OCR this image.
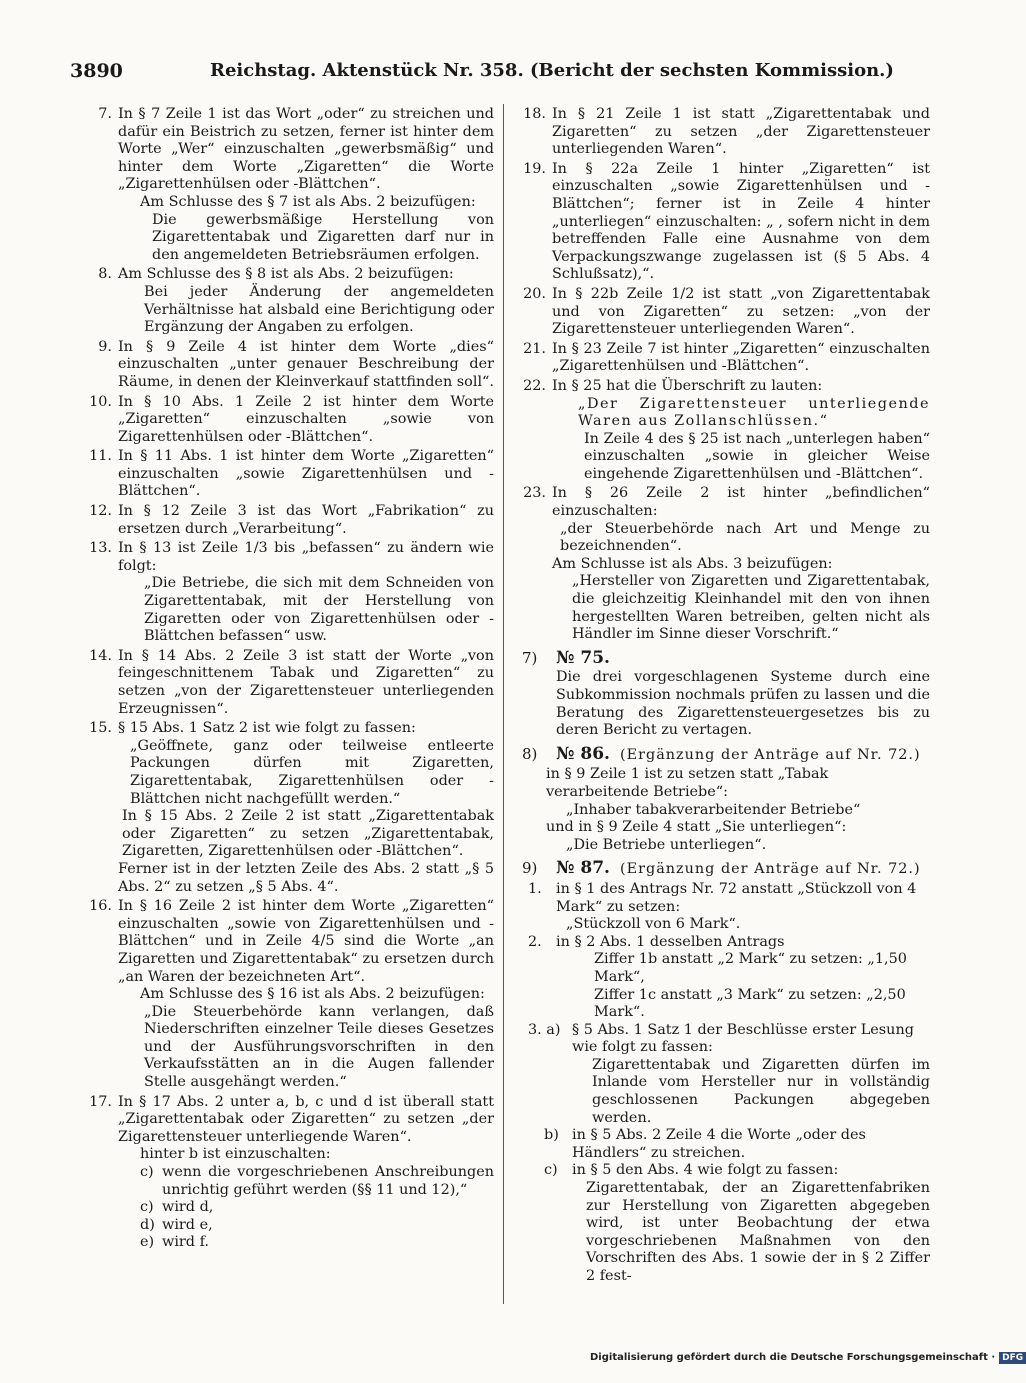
3890	Reichstag. Aktenstück Nr. 358. (Bericht der sechsten Kommission.)
7. In § 7 Zeile 1 ist das Wort „oder“ zu streichen und dafür ein Beistrich zu setzen, ferner ist hinter dem Worte „Wer“ einzuschalten „gewerbsmäßig“ und hinter dem Worte „Zigaretten“ die Worte „Zigarettenhülsen oder -Blättchen“.
Am Schlusse des § 7 ist als Abs. 2 beizufügen:
Die gewerbsmäßige Herstellung von Zigarettentabak und Zigaretten darf nur in den angemeldeten Betriebsräumen erfolgen.
8. Am Schlusse des § 8 ist als Abs. 2 beizufügen:
Bei jeder Änderung der angemeldeten Verhältnisse hat alsbald eine Berichtigung oder Ergänzung der Angaben zu erfolgen.
9. In § 9 Zeile 4 ist hinter dem Worte „dies“ einzuschalten „unter genauer Beschreibung der Räume, in denen der Kleinverkauf stattfinden soll“.
10. In § 10 Abs. 1 Zeile 2 ist hinter dem Worte „Zigaretten“ einzuschalten „sowie von Zigarettenhülsen oder -Blättchen“.
11. In § 11 Abs. 1 ist hinter dem Worte „Zigaretten“ einzuschalten „sowie Zigarettenhülsen und -Blättchen“.
12. In § 12 Zeile 3 ist das Wort „Fabrikation“ zu ersetzen durch „Verarbeitung“.
13. In § 13 ist Zeile 1/3 bis „befassen“ zu ändern wie folgt:
„Die Betriebe, die sich mit dem Schneiden von Zigarettentabak, mit der Herstellung von Zigaretten oder von Zigarettenhülsen oder -Blättchen befassen“ usw.
14. In § 14 Abs. 2 Zeile 3 ist statt der Worte „von feingeschnittenem Tabak und Zigaretten“ zu setzen „von der Zigarettensteuer unterliegenden Erzeugnissen“.
15. § 15 Abs. 1 Satz 2 ist wie folgt zu fassen:
„Geöffnete, ganz oder teilweise entleerte Packungen dürfen mit Zigaretten, Zigarettentabak, Zigarettenhülsen oder -Blättchen nicht nachgefüllt werden.“
In § 15 Abs. 2 Zeile 2 ist statt „Zigarettentabak oder Zigaretten“ zu setzen „Zigarettentabak, Zigaretten, Zigarettenhülsen oder -Blättchen“.
Ferner ist in der letzten Zeile des Abs. 2 statt „§ 5 Abs. 2“ zu setzen „§ 5 Abs. 4“.
16. In § 16 Zeile 2 ist hinter dem Worte „Zigaretten“ einzuschalten „sowie von Zigarettenhülsen und -Blättchen“ und in Zeile 4/5 sind die Worte „an Zigaretten und Zigarettentabak“ zu ersetzen durch „an Waren der bezeichneten Art“.
Am Schlusse des § 16 ist als Abs. 2 beizufügen:
„Die Steuerbehörde kann verlangen, daß Niederschriften einzelner Teile dieses Gesetzes und der Ausführungsvorschriften in den Verkaufsstätten an in die Augen fallender Stelle ausgehängt werden.“
17. In § 17 Abs. 2 unter a, b, c und d ist überall statt „Zigarettentabak oder Zigaretten“ zu setzen „der Zigarettensteuer unterliegende Waren“.
hinter b ist einzuschalten:
c) wenn die vorgeschriebenen Anschreibungen unrichtig geführt werden (§§ 11 und 12),“
c) wird d,
d) wird e,
e) wird f.
18. In § 21 Zeile 1 ist statt „Zigarettentabak und Zigaretten“ zu setzen „der Zigarettensteuer unterliegenden Waren“.
19. In § 22a Zeile 1 hinter „Zigaretten“ ist einzuschalten „sowie Zigarettenhülsen und -Blättchen“; ferner ist in Zeile 4 hinter „unterliegen“ einzuschalten: „ , sofern nicht in dem betreffenden Falle eine Ausnahme von dem Verpackungszwange zugelassen ist (§ 5 Abs. 4 Schlußsatz),“.
20. In § 22b Zeile 1/2 ist statt „von Zigarettentabak und von Zigaretten“ zu setzen: „von der Zigarettensteuer unterliegenden Waren“.
21. In § 23 Zeile 7 ist hinter „Zigaretten“ einzuschalten „Zigarettenhülsen und -Blättchen“.
22. In § 25 hat die Überschrift zu lauten:
„Der Zigarettensteuer unterliegende Waren aus Zollanschlüssen.“
In Zeile 4 des § 25 ist nach „unterlegen haben“ einzuschalten „sowie in gleicher Weise eingehende Zigarettenhülsen und -Blättchen“.
23. In § 26 Zeile 2 ist hinter „befindlichen“ einzuschalten:
„der Steuerbehörde nach Art und Menge zu bezeichnenden“.
Am Schlusse ist als Abs. 3 beizufügen:
„Hersteller von Zigaretten und Zigarettentabak, die gleichzeitig Kleinhandel mit den von ihnen hergestellten Waren betreiben, gelten nicht als Händler im Sinne dieser Vorschrift.“
7)	№ 75.
Die drei vorgeschlagenen Systeme durch eine Subkommission nochmals prüfen zu lassen und die Beratung des Zigarettensteuergesetzes bis zu deren Bericht zu vertagen.
8)	№ 86. (Ergänzung der Anträge auf Nr. 72.)
in § 9 Zeile 1 ist zu setzen statt „Tabak verarbeitende Betriebe“:
„Inhaber tabakverarbeitender Betriebe“
und in § 9 Zeile 4 statt „Sie unterliegen“:
„Die Betriebe unterliegen“.
9)	№ 87. (Ergänzung der Anträge auf Nr. 72.)
1. in § 1 des Antrags Nr. 72 anstatt „Stückzoll von 4 Mark“ zu setzen:
„Stückzoll von 6 Mark“.
2. in § 2 Abs. 1 desselben Antrags
Ziffer 1b anstatt „2 Mark“ zu setzen: „1,50 Mark“,
Ziffer 1c anstatt „3 Mark“ zu setzen: „2,50 Mark“.
3. a) § 5 Abs. 1 Satz 1 der Beschlüsse erster Lesung wie folgt zu fassen:
Zigarettentabak und Zigaretten dürfen im Inlande vom Hersteller nur in vollständig geschlossenen Packungen abgegeben werden.
b) in § 5 Abs. 2 Zeile 4 die Worte „oder des Händlers“ zu streichen.
c) in § 5 den Abs. 4 wie folgt zu fassen:
Zigarettentabak, der an Zigarettenfabriken zur Herstellung von Zigaretten abgegeben wird, ist unter Beobachtung der etwa vorgeschriebenen Maßnahmen von den Vorschriften des Abs. 1 sowie der in § 2 Ziffer 2 fest-
Digitalisierung gefördert durch die Deutsche Forschungsgemeinschaft · DFG
